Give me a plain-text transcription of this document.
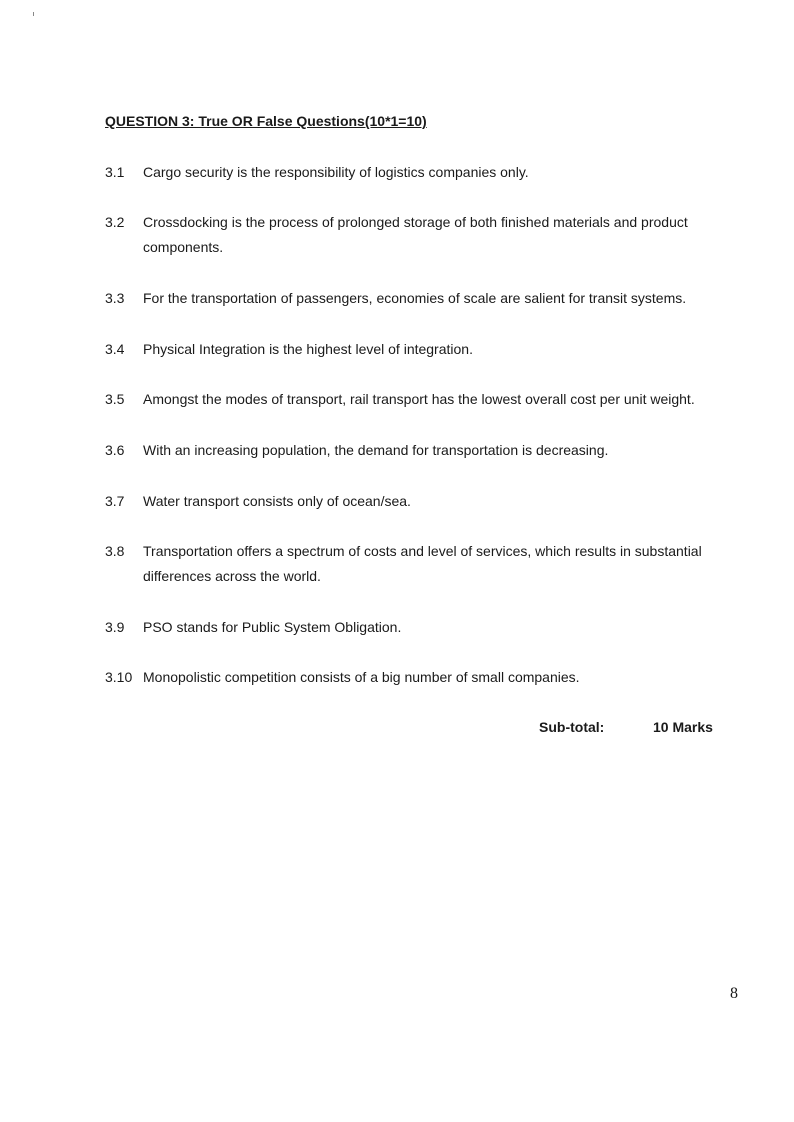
QUESTION 3: True OR False Questions(10*1=10)
3.1 Cargo security is the responsibility of logistics companies only.
3.2 Crossdocking is the process of prolonged storage of both finished materials and product components.
3.3 For the transportation of passengers, economies of scale are salient for transit systems.
3.4 Physical Integration is the highest level of integration.
3.5 Amongst the modes of transport, rail transport has the lowest overall cost per unit weight.
3.6 With an increasing population, the demand for transportation is decreasing.
3.7 Water transport consists only of ocean/sea.
3.8 Transportation offers a spectrum of costs and level of services, which results in substantial differences across the world.
3.9 PSO stands for Public System Obligation.
3.10 Monopolistic competition consists of a big number of small companies.
Sub-total:	10 Marks
8
